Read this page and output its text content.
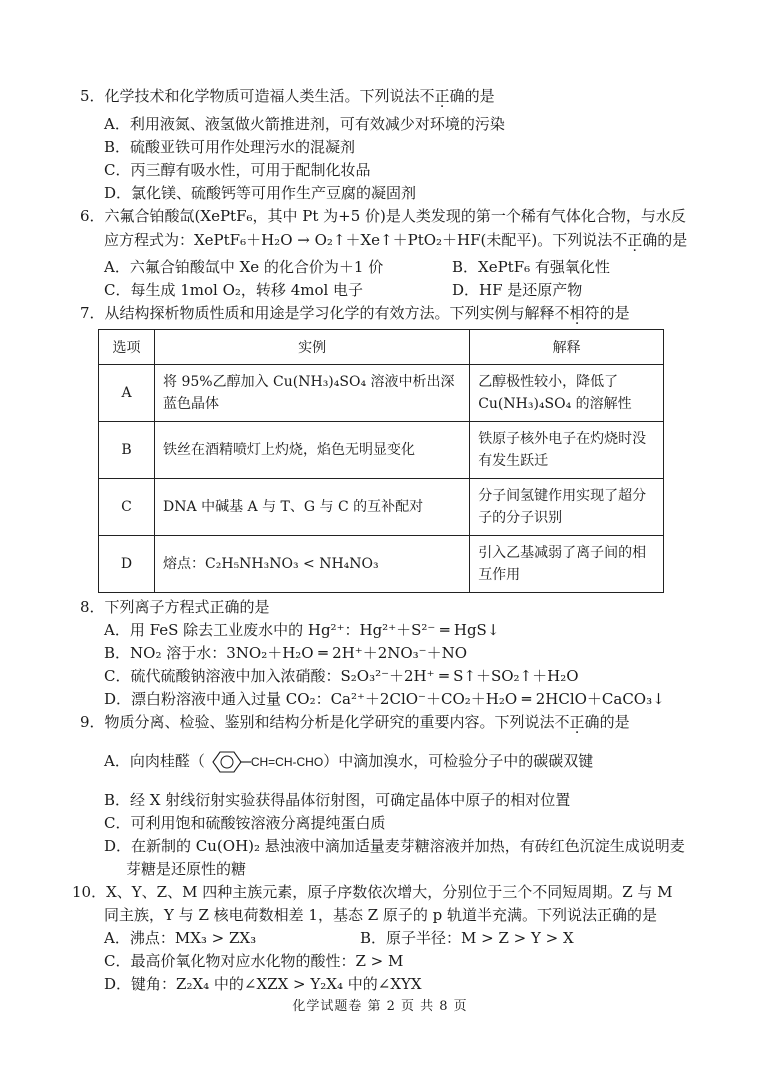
5．化学技术和化学物质可造福人类生活。下列说法不正确的是
A．利用液氮、液氢做火箭推进剂，可有效减少对环境的污染
B．硫酸亚铁可用作处理污水的混凝剂
C．丙三醇有吸水性，可用于配制化妆品
D．氯化镁、硫酸钙等可用作生产豆腐的凝固剂
6．六氟合铂酸氙(XePtF₆，其中 Pt 为+5 价)是人类发现的第一个稀有气体化合物，与水反
应方程式为：XePtF₆＋H₂O → O₂↑＋Xe↑＋PtO₂＋HF(未配平)。下列说法不正确的是
A．六氟合铂酸氙中 Xe 的化合价为＋1 价	B．XePtF₆ 有强氧化性
C．每生成 1mol O₂，转移 4mol 电子	D．HF 是还原产物
7．从结构探析物质性质和用途是学习化学的有效方法。下列实例与解释不相符的是
选项	实例	解释
A	将 95%乙醇加入 Cu(NH₃)₄SO₄ 溶液中析出深蓝色晶体	乙醇极性较小，降低了 Cu(NH₃)₄SO₄ 的溶解性
B	铁丝在酒精喷灯上灼烧，焰色无明显变化	铁原子核外电子在灼烧时没有发生跃迁
C	DNA 中碱基 A 与 T、G 与 C 的互补配对	分子间氢键作用实现了超分子的分子识别
D	熔点：C₂H₅NH₃NO₃ < NH₄NO₃	引入乙基减弱了离子间的相互作用
8．下列离子方程式正确的是
A．用 FeS 除去工业废水中的 Hg²⁺：Hg²⁺＋S²⁻ ═ HgS↓
B．NO₂ 溶于水：3NO₂＋H₂O ═ 2H⁺＋2NO₃⁻＋NO
C．硫代硫酸钠溶液中加入浓硝酸：S₂O₃²⁻＋2H⁺ ═ S↑＋SO₂↑＋H₂O
D．漂白粉溶液中通入过量 CO₂：Ca²⁺＋2ClO⁻＋CO₂＋H₂O ═ 2HClO＋CaCO₃↓
9．物质分离、检验、鉴别和结构分析是化学研究的重要内容。下列说法不正确的是
A．向肉桂醛（	CH=CH-CHO）中滴加溴水，可检验分子中的碳碳双键
B．经 X 射线衍射实验获得晶体衍射图，可确定晶体中原子的相对位置
C．可利用饱和硫酸铵溶液分离提纯蛋白质
D．在新制的 Cu(OH)₂ 悬浊液中滴加适量麦芽糖溶液并加热，有砖红色沉淀生成说明麦
芽糖是还原性的糖
10．X、Y、Z、M 四种主族元素，原子序数依次增大，分别位于三个不同短周期。Z 与 M
同主族，Y 与 Z 核电荷数相差 1，基态 Z 原子的 p 轨道半充满。下列说法正确的是
A．沸点：MX₃ > ZX₃	B．原子半径：M > Z > Y > X
C．最高价氧化物对应水化物的酸性：Z > M
D．键角：Z₂X₄ 中的∠XZX > Y₂X₄ 中的∠XYX
化学试题卷 第 2 页 共 8 页
